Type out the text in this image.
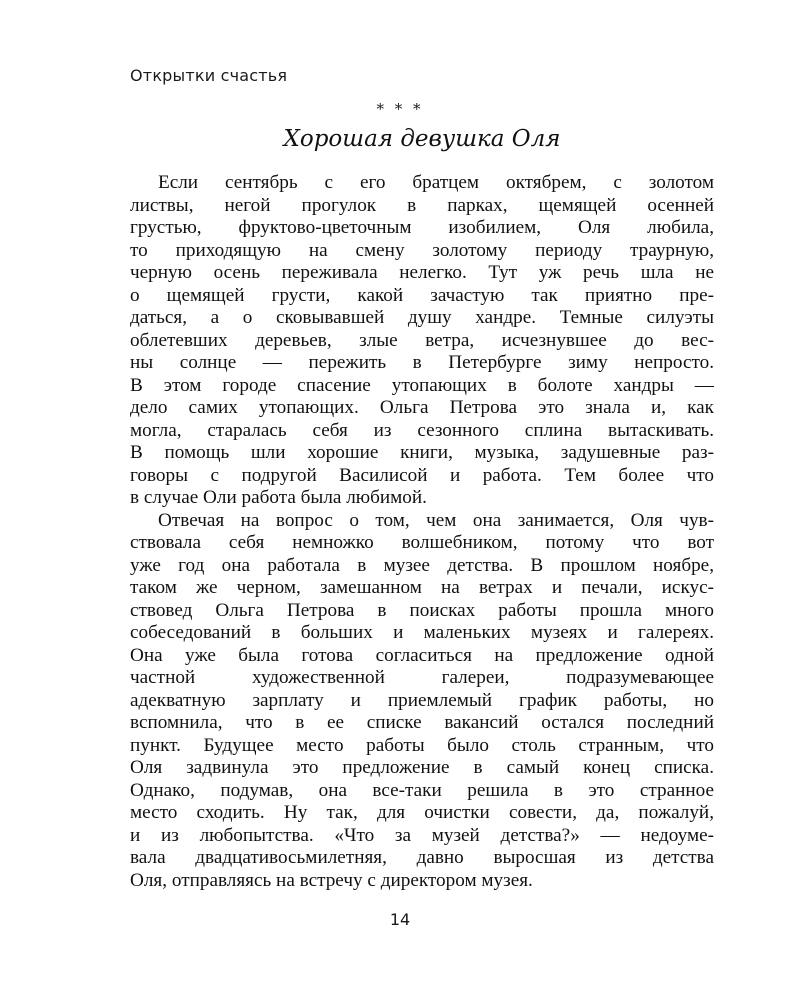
Открытки счастья
* * *
Хорошая девушка Оля
Если сентябрь с его братцем октябрем, с золотом
листвы, негой прогулок в парках, щемящей осенней
грустью, фруктово-цветочным изобилием, Оля любила,
то приходящую на смену золотому периоду траурную,
черную осень переживала нелегко. Тут уж речь шла не
о щемящей грусти, какой зачастую так приятно пре-
даться, а о сковывавшей душу хандре. Темные силуэты
облетевших деревьев, злые ветра, исчезнувшее до вес-
ны солнце — пережить в Петербурге зиму непросто.
В этом городе спасение утопающих в болоте хандры —
дело самих утопающих. Ольга Петрова это знала и, как
могла, старалась себя из сезонного сплина вытаскивать.
В помощь шли хорошие книги, музыка, задушевные раз-
говоры с подругой Василисой и работа. Тем более что
в случае Оли работа была любимой.
Отвечая на вопрос о том, чем она занимается, Оля чув-
ствовала себя немножко волшебником, потому что вот
уже год она работала в музее детства. В прошлом ноябре,
таком же черном, замешанном на ветрах и печали, искус-
ствовед Ольга Петрова в поисках работы прошла много
собеседований в больших и маленьких музеях и галереях.
Она уже была готова согласиться на предложение одной
частной художественной галереи, подразумевающее
адекватную зарплату и приемлемый график работы, но
вспомнила, что в ее списке вакансий остался последний
пункт. Будущее место работы было столь странным, что
Оля задвинула это предложение в самый конец списка.
Однако, подумав, она все-таки решила в это странное
место сходить. Ну так, для очистки совести, да, пожалуй,
и из любопытства. «Что за музей детства?» — недоуме-
вала двадцативосьмилетняя, давно выросшая из детства
Оля, отправляясь на встречу с директором музея.
14
